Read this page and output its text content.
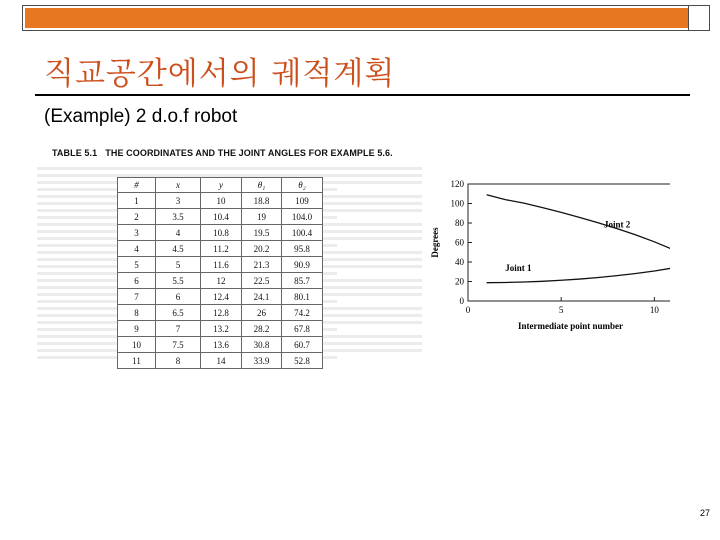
직교공간에서의 궤적계획
(Example) 2 d.o.f robot
TABLE 5.1 THE COORDINATES AND THE JOINT ANGLES FOR EXAMPLE 5.6.
#	x	y	θ₁	θ₂
1	3	10	18.8	109
2	3.5	10.4	19	104.0
3	4	10.8	19.5	100.4
4	4.5	11.2	20.2	95.8
5	5	11.6	21.3	90.9
6	5.5	12	22.5	85.7
7	6	12.4	24.1	80.1
8	6.5	12.8	26	74.2
9	7	13.2	28.2	67.8
10	7.5	13.6	30.8	60.7
11	8	14	33.9	52.8
0
20
40
60
80
100
120
0	5	10
Intermediate point number
Degrees
Joint 1
Joint 2
27
